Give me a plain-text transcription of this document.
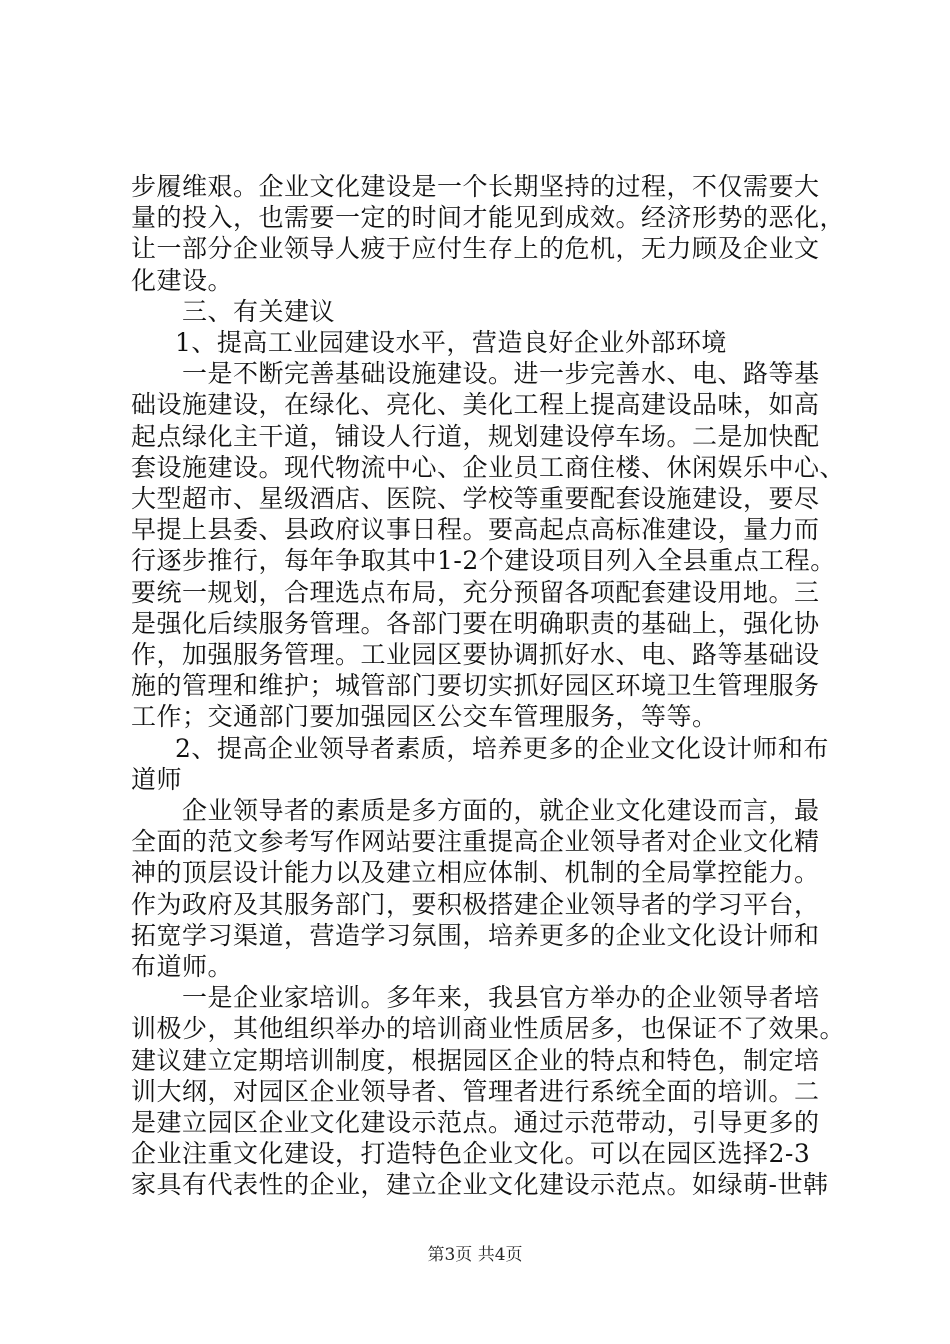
步履维艰。企业文化建设是一个长期坚持的过程，不仅需要大
量的投入，也需要一定的时间才能见到成效。经济形势的恶化，
让一部分企业领导人疲于应付生存上的危机，无力顾及企业文
化建设。
三、有关建议
1、提高工业园建设水平，营造良好企业外部环境
一是不断完善基础设施建设。进一步完善水、电、路等基
础设施建设，在绿化、亮化、美化工程上提高建设品味，如高
起点绿化主干道，铺设人行道，规划建设停车场。二是加快配
套设施建设。现代物流中心、企业员工商住楼、休闲娱乐中心、
大型超市、星级酒店、医院、学校等重要配套设施建设，要尽
早提上县委、县政府议事日程。要高起点高标准建设，量力而
行逐步推行，每年争取其中1-2个建设项目列入全县重点工程。
要统一规划，合理选点布局，充分预留各项配套建设用地。三
是强化后续服务管理。各部门要在明确职责的基础上，强化协
作，加强服务管理。工业园区要协调抓好水、电、路等基础设
施的管理和维护；城管部门要切实抓好园区环境卫生管理服务
工作；交通部门要加强园区公交车管理服务，等等。
2、提高企业领导者素质，培养更多的企业文化设计师和布
道师
企业领导者的素质是多方面的，就企业文化建设而言，最
全面的范文参考写作网站要注重提高企业领导者对企业文化精
神的顶层设计能力以及建立相应体制、机制的全局掌控能力。
作为政府及其服务部门，要积极搭建企业领导者的学习平台，
拓宽学习渠道，营造学习氛围，培养更多的企业文化设计师和
布道师。
一是企业家培训。多年来，我县官方举办的企业领导者培
训极少，其他组织举办的培训商业性质居多，也保证不了效果。
建议建立定期培训制度，根据园区企业的特点和特色，制定培
训大纲，对园区企业领导者、管理者进行系统全面的培训。二
是建立园区企业文化建设示范点。通过示范带动，引导更多的
企业注重文化建设，打造特色企业文化。可以在园区选择2-3
家具有代表性的企业，建立企业文化建设示范点。如绿萌-世韩
第3页 共4页
